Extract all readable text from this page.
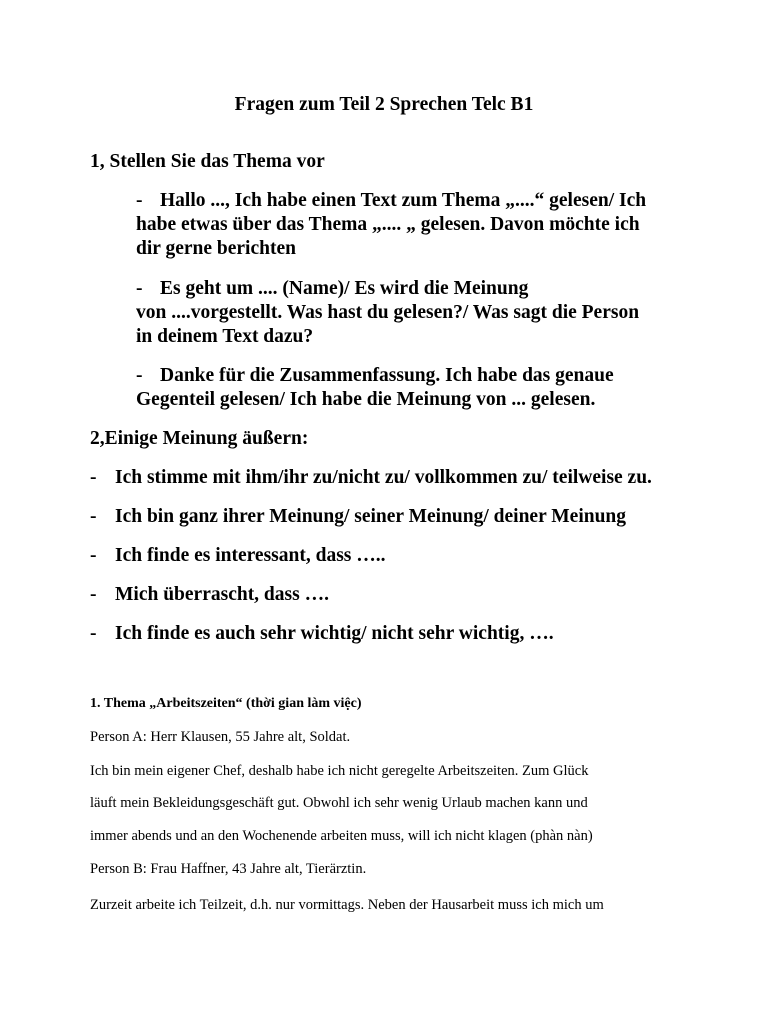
Fragen zum Teil 2 Sprechen Telc B1
1, Stellen Sie das Thema vor
- Hallo ..., Ich habe einen Text zum Thema „....“ gelesen/ Ich
habe etwas über das Thema „.... „ gelesen. Davon möchte ich
dir gerne berichten
- Es geht um .... (Name)/ Es wird die Meinung
von ....vorgestellt. Was hast du gelesen?/ Was sagt die Person
in deinem Text dazu?
- Danke für die Zusammenfassung. Ich habe das genaue
Gegenteil gelesen/ Ich habe die Meinung von ... gelesen.
2,Einige Meinung äußern:
- Ich stimme mit ihm/ihr zu/nicht zu/ vollkommen zu/ teilweise zu.
- Ich bin ganz ihrer Meinung/ seiner Meinung/ deiner Meinung
- Ich finde es interessant, dass …..
- Mich überrascht, dass ….
- Ich finde es auch sehr wichtig/ nicht sehr wichtig, ….
1. Thema „Arbeitszeiten“ (thời gian làm việc)
Person A: Herr Klausen, 55 Jahre alt, Soldat.
Ich bin mein eigener Chef, deshalb habe ich nicht geregelte Arbeitszeiten. Zum Glück
läuft mein Bekleidungsgeschäft gut. Obwohl ich sehr wenig Urlaub machen kann und
immer abends und an den Wochenende arbeiten muss, will ich nicht klagen (phàn nàn)
Person B: Frau Haffner, 43 Jahre alt, Tierärztin.
Zurzeit arbeite ich Teilzeit, d.h. nur vormittags. Neben der Hausarbeit muss ich mich um
